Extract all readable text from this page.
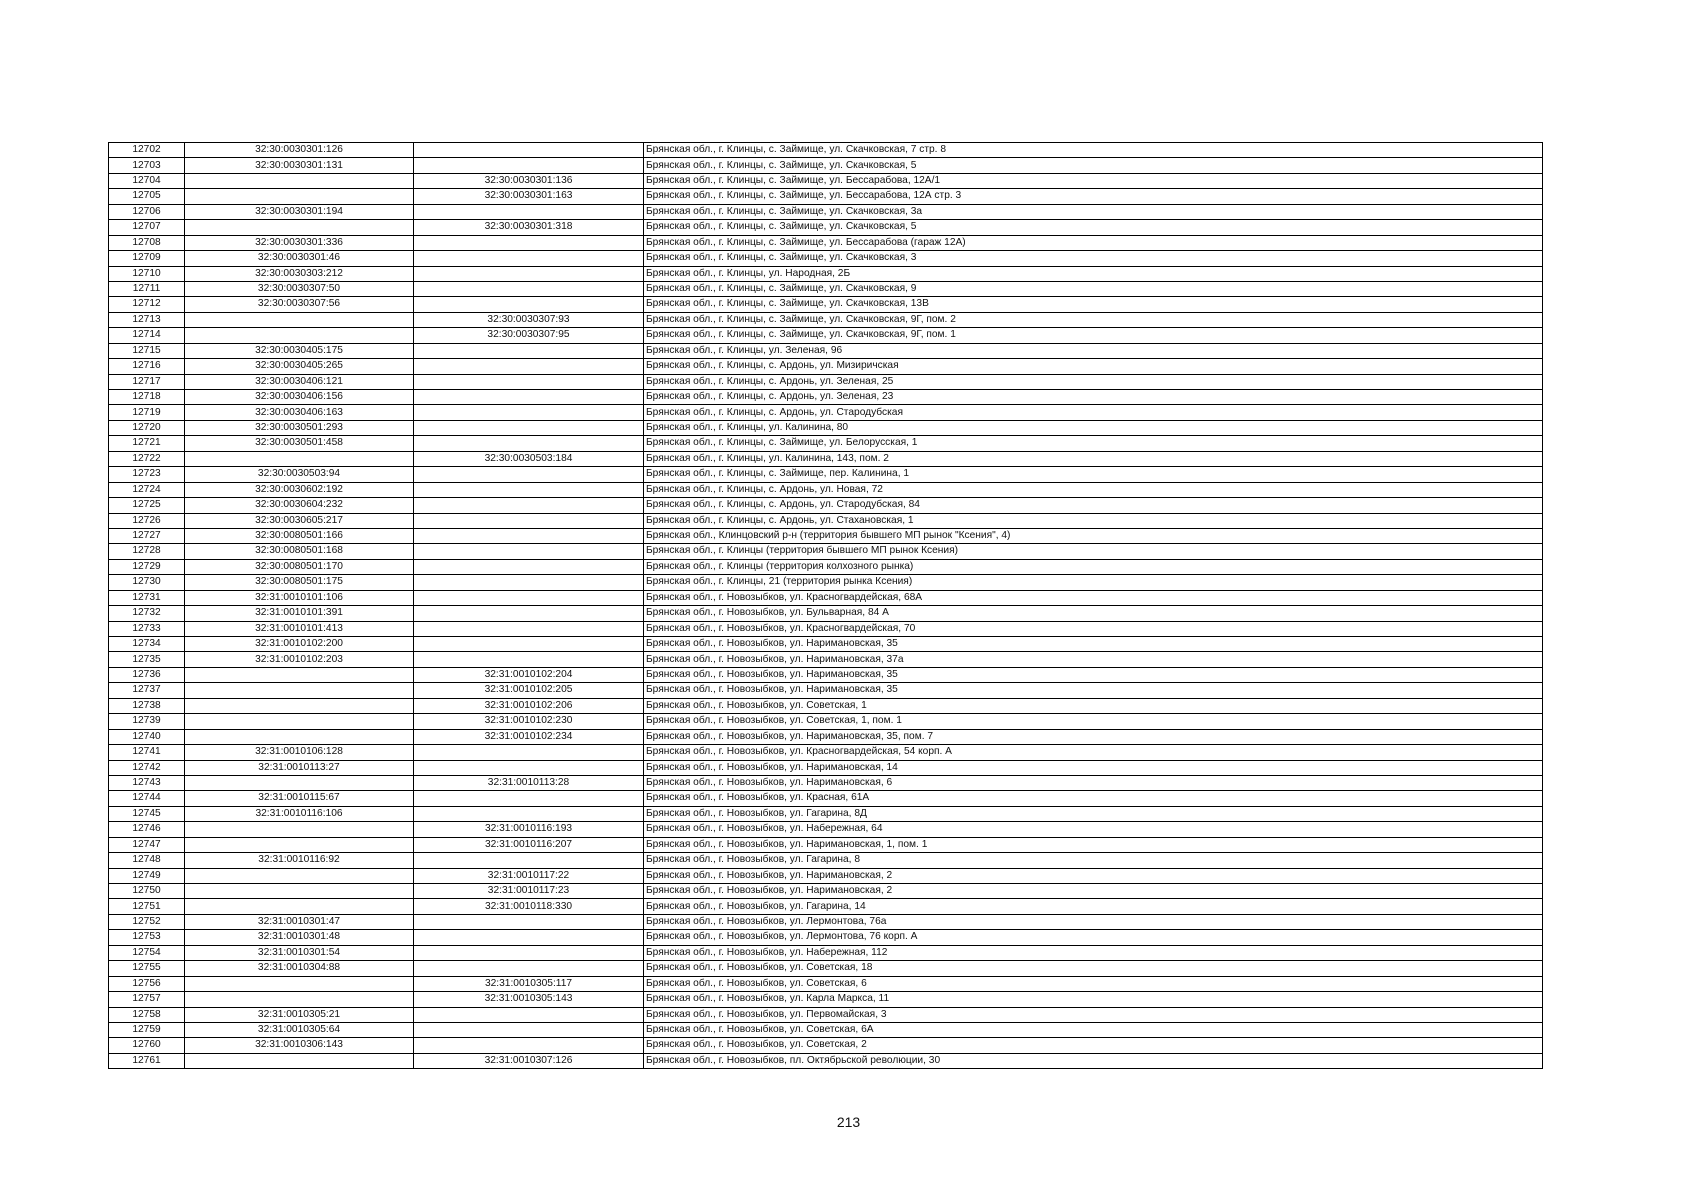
12702	32:30:0030301:126		Брянская обл., г. Клинцы, с. Займище, ул. Скачковская, 7 стр. 8
12703	32:30:0030301:131		Брянская обл., г. Клинцы, с. Займище, ул. Скачковская, 5
12704		32:30:0030301:136	Брянская обл., г. Клинцы, с. Займище, ул. Бессарабова, 12А/1
12705		32:30:0030301:163	Брянская обл., г. Клинцы, с. Займище, ул. Бессарабова, 12А стр. 3
12706	32:30:0030301:194		Брянская обл., г. Клинцы, с. Займище, ул. Скачковская, 3а
12707		32:30:0030301:318	Брянская обл., г. Клинцы, с. Займище, ул. Скачковская, 5
12708	32:30:0030301:336		Брянская обл., г. Клинцы, с. Займище, ул. Бессарабова (гараж 12А)
12709	32:30:0030301:46		Брянская обл., г. Клинцы, с. Займище, ул. Скачковская, 3
12710	32:30:0030303:212		Брянская обл., г. Клинцы, ул. Народная, 2Б
12711	32:30:0030307:50		Брянская обл., г. Клинцы, с. Займище, ул. Скачковская, 9
12712	32:30:0030307:56		Брянская обл., г. Клинцы, с. Займище, ул. Скачковская, 13В
12713		32:30:0030307:93	Брянская обл., г. Клинцы, с. Займище, ул. Скачковская, 9Г, пом. 2
12714		32:30:0030307:95	Брянская обл., г. Клинцы, с. Займище, ул. Скачковская, 9Г, пом. 1
12715	32:30:0030405:175		Брянская обл., г. Клинцы, ул. Зеленая, 96
12716	32:30:0030405:265		Брянская обл., г. Клинцы, с. Ардонь, ул. Мизиричская
12717	32:30:0030406:121		Брянская обл., г. Клинцы, с. Ардонь, ул. Зеленая, 25
12718	32:30:0030406:156		Брянская обл., г. Клинцы, с. Ардонь, ул. Зеленая, 23
12719	32:30:0030406:163		Брянская обл., г. Клинцы, с. Ардонь, ул. Стародубская
12720	32:30:0030501:293		Брянская обл., г. Клинцы, ул. Калинина, 80
12721	32:30:0030501:458		Брянская обл., г. Клинцы, с. Займище, ул. Белорусская, 1
12722		32:30:0030503:184	Брянская обл., г. Клинцы, ул. Калинина, 143, пом. 2
12723	32:30:0030503:94		Брянская обл., г. Клинцы, с. Займище, пер. Калинина, 1
12724	32:30:0030602:192		Брянская обл., г. Клинцы, с. Ардонь, ул. Новая, 72
12725	32:30:0030604:232		Брянская обл., г. Клинцы, с. Ардонь, ул. Стародубская, 84
12726	32:30:0030605:217		Брянская обл., г. Клинцы, с. Ардонь, ул. Стахановская, 1
12727	32:30:0080501:166		Брянская обл., Клинцовский р-н (территория бывшего МП рынок "Ксения", 4)
12728	32:30:0080501:168		Брянская обл., г. Клинцы (территория бывшего МП рынок Ксения)
12729	32:30:0080501:170		Брянская обл., г. Клинцы (территория колхозного рынка)
12730	32:30:0080501:175		Брянская обл., г. Клинцы, 21 (территория рынка Ксения)
12731	32:31:0010101:106		Брянская обл., г. Новозыбков, ул. Красногвардейская, 68А
12732	32:31:0010101:391		Брянская обл., г. Новозыбков, ул. Бульварная, 84 А
12733	32:31:0010101:413		Брянская обл., г. Новозыбков, ул. Красногвардейская, 70
12734	32:31:0010102:200		Брянская обл., г. Новозыбков, ул. Наримановская, 35
12735	32:31:0010102:203		Брянская обл., г. Новозыбков, ул. Наримановская, 37а
12736		32:31:0010102:204	Брянская обл., г. Новозыбков, ул. Наримановская, 35
12737		32:31:0010102:205	Брянская обл., г. Новозыбков, ул. Наримановская, 35
12738		32:31:0010102:206	Брянская обл., г. Новозыбков, ул. Советская, 1
12739		32:31:0010102:230	Брянская обл., г. Новозыбков, ул. Советская, 1, пом. 1
12740		32:31:0010102:234	Брянская обл., г. Новозыбков, ул. Наримановская, 35, пом. 7
12741	32:31:0010106:128		Брянская обл., г. Новозыбков, ул. Красногвардейская, 54 корп. А
12742	32:31:0010113:27		Брянская обл., г. Новозыбков, ул. Наримановская, 14
12743		32:31:0010113:28	Брянская обл., г. Новозыбков, ул. Наримановская, 6
12744	32:31:0010115:67		Брянская обл., г. Новозыбков, ул. Красная, 61А
12745	32:31:0010116:106		Брянская обл., г. Новозыбков, ул. Гагарина, 8Д
12746		32:31:0010116:193	Брянская обл., г. Новозыбков, ул. Набережная, 64
12747		32:31:0010116:207	Брянская обл., г. Новозыбков, ул. Наримановская, 1, пом. 1
12748	32:31:0010116:92		Брянская обл., г. Новозыбков, ул. Гагарина, 8
12749		32:31:0010117:22	Брянская обл., г. Новозыбков, ул. Наримановская, 2
12750		32:31:0010117:23	Брянская обл., г. Новозыбков, ул. Наримановская, 2
12751		32:31:0010118:330	Брянская обл., г. Новозыбков, ул. Гагарина, 14
12752	32:31:0010301:47		Брянская обл., г. Новозыбков, ул. Лермонтова, 76а
12753	32:31:0010301:48		Брянская обл., г. Новозыбков, ул. Лермонтова, 76 корп. А
12754	32:31:0010301:54		Брянская обл., г. Новозыбков, ул. Набережная, 112
12755	32:31:0010304:88		Брянская обл., г. Новозыбков, ул. Советская, 18
12756		32:31:0010305:117	Брянская обл., г. Новозыбков, ул. Советская, 6
12757		32:31:0010305:143	Брянская обл., г. Новозыбков, ул. Карла Маркса, 11
12758	32:31:0010305:21		Брянская обл., г. Новозыбков, ул. Первомайская, 3
12759	32:31:0010305:64		Брянская обл., г. Новозыбков, ул. Советская, 6А
12760	32:31:0010306:143		Брянская обл., г. Новозыбков, ул. Советская, 2
12761		32:31:0010307:126	Брянская обл., г. Новозыбков, пл. Октябрьской революции, 30
213
